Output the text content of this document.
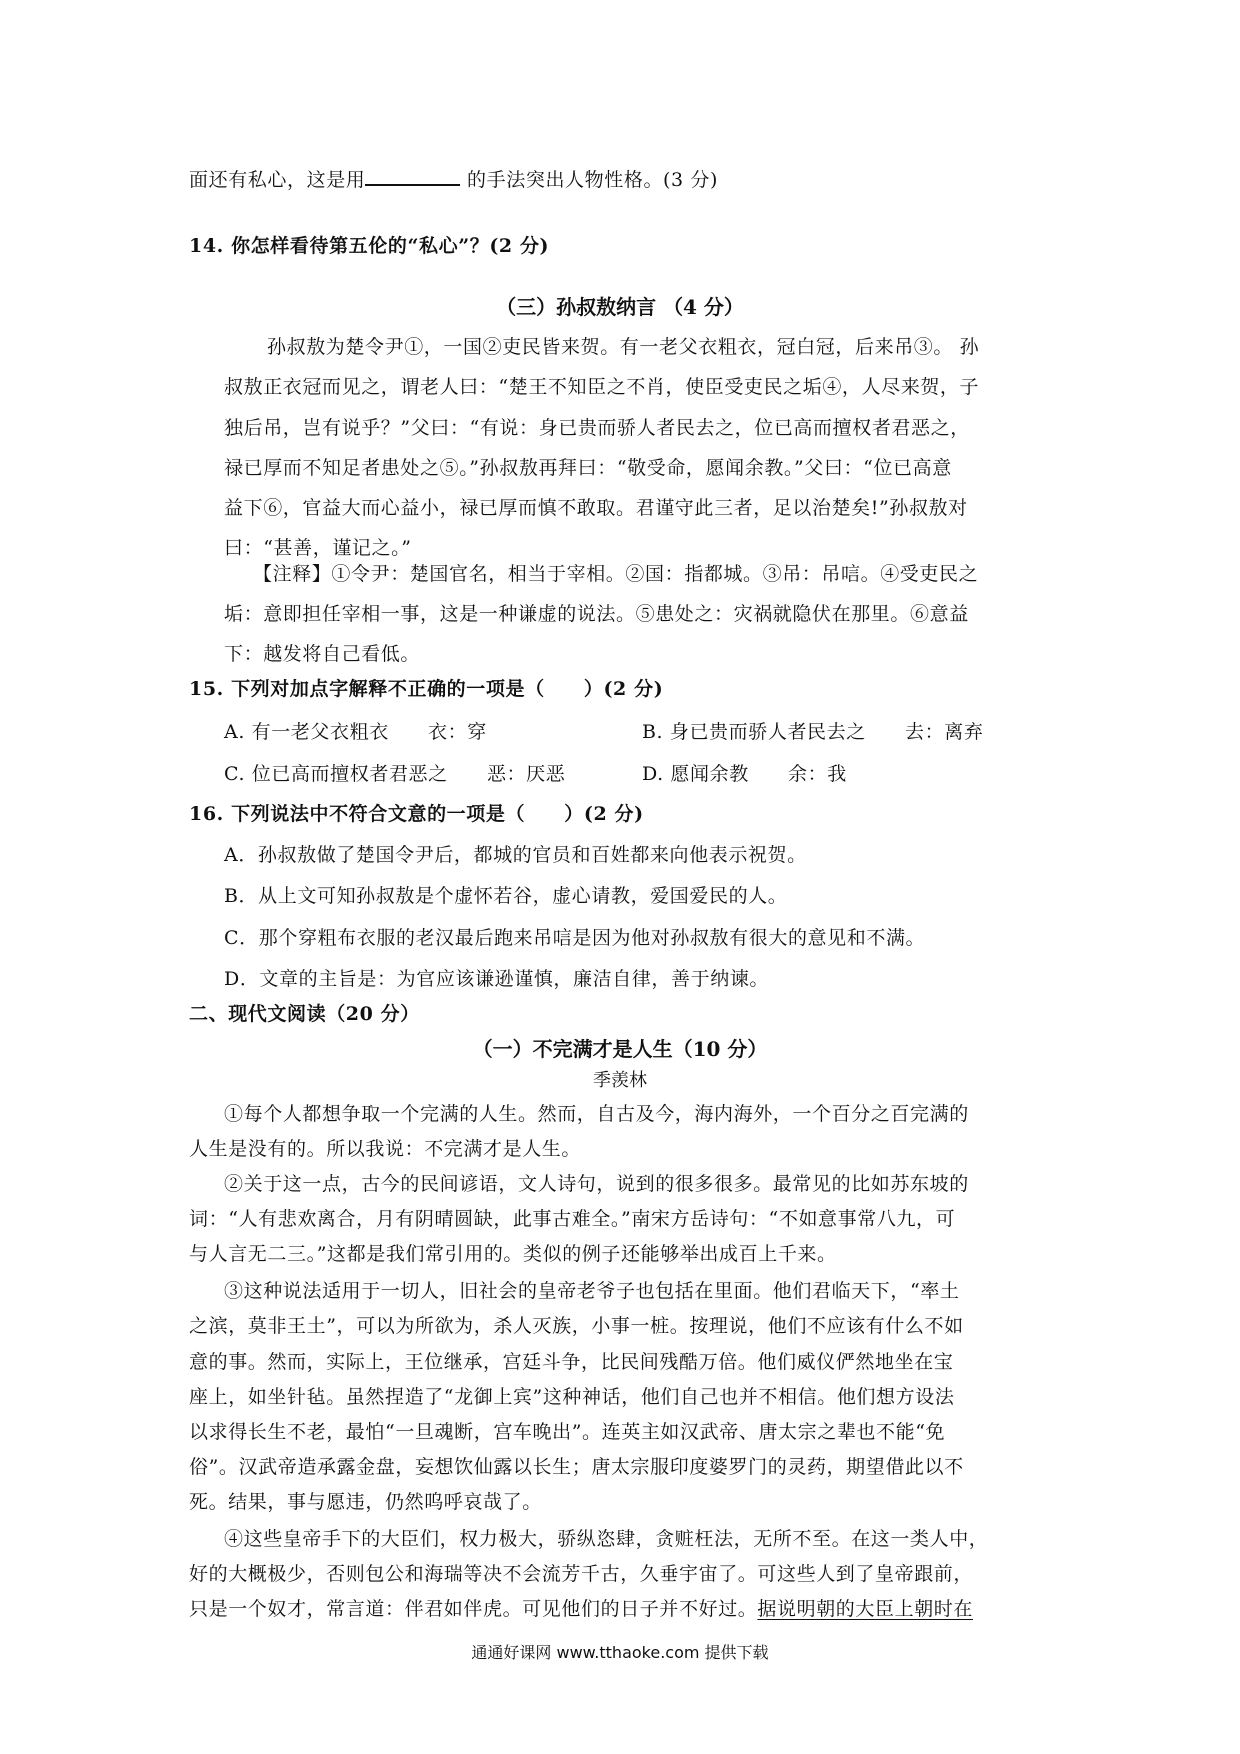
面还有私心，这是用	的手法突出人物性格。(3 分)
14. 你怎样看待第五伦的“私心”？(2 分)
（三）孙叔敖纳言 （4 分）
孙叔敖为楚令尹①，一国②吏民皆来贺。有一老父衣粗衣，冠白冠，后来吊③。 孙
叔敖正衣冠而见之，谓老人曰：“楚王不知臣之不肖，使臣受吏民之垢④，人尽来贺，子
独后吊，岂有说乎？”父曰：“有说：身已贵而骄人者民去之，位已高而擅权者君恶之，
禄已厚而不知足者患处之⑤。”孙叔敖再拜曰：“敬受命，愿闻余教。”父曰：“位已高意
益下⑥，官益大而心益小，禄已厚而慎不敢取。君谨守此三者，足以治楚矣!”孙叔敖对
曰：“甚善，谨记之。”
【注释】①令尹：楚国官名，相当于宰相。②国：指都城。③吊：吊唁。④受吏民之
垢：意即担任宰相一事，这是一种谦虚的说法。⑤患处之：灾祸就隐伏在那里。⑥意益
下：越发将自己看低。
15. 下列对加点字解释不正确的一项是（　　）(2 分)
A. 有一老父衣粗衣　　衣：穿	B. 身已贵而骄人者民去之　　去：离弃
C. 位已高而擅权者君恶之　　恶：厌恶	D. 愿闻余教　　余：我
16. 下列说法中不符合文意的一项是（　　）(2 分)
A．孙叔敖做了楚国令尹后，都城的官员和百姓都来向他表示祝贺。
B．从上文可知孙叔敖是个虚怀若谷，虚心请教，爱国爱民的人。
C．那个穿粗布衣服的老汉最后跑来吊唁是因为他对孙叔敖有很大的意见和不满。
D．文章的主旨是：为官应该谦逊谨慎，廉洁自律，善于纳谏。
二、现代文阅读（20 分）
（一）不完满才是人生（10 分）
季羡林
①每个人都想争取一个完满的人生。然而，自古及今，海内海外，一个百分之百完满的
人生是没有的。所以我说：不完满才是人生。
②关于这一点，古今的民间谚语，文人诗句，说到的很多很多。最常见的比如苏东坡的
词：“人有悲欢离合，月有阴晴圆缺，此事古难全。”南宋方岳诗句：“不如意事常八九，可
与人言无二三。”这都是我们常引用的。类似的例子还能够举出成百上千来。
③这种说法适用于一切人，旧社会的皇帝老爷子也包括在里面。他们君临天下，“率土
之滨，莫非王土”，可以为所欲为，杀人灭族，小事一桩。按理说，他们不应该有什么不如
意的事。然而，实际上，王位继承，宫廷斗争，比民间残酷万倍。他们威仪俨然地坐在宝
座上，如坐针毡。虽然捏造了“龙御上宾”这种神话，他们自己也并不相信。他们想方设法
以求得长生不老，最怕“一旦魂断，宫车晚出”。连英主如汉武帝、唐太宗之辈也不能“免
俗”。汉武帝造承露金盘，妄想饮仙露以长生；唐太宗服印度婆罗门的灵药，期望借此以不
死。结果，事与愿违，仍然呜呼哀哉了。
④这些皇帝手下的大臣们，权力极大，骄纵恣肆，贪赃枉法，无所不至。在这一类人中，
好的大概极少，否则包公和海瑞等决不会流芳千古，久垂宇宙了。可这些人到了皇帝跟前，
只是一个奴才，常言道：伴君如伴虎。可见他们的日子并不好过。据说明朝的大臣上朝时在
通通好课网 www.tthaoke.com 提供下载
